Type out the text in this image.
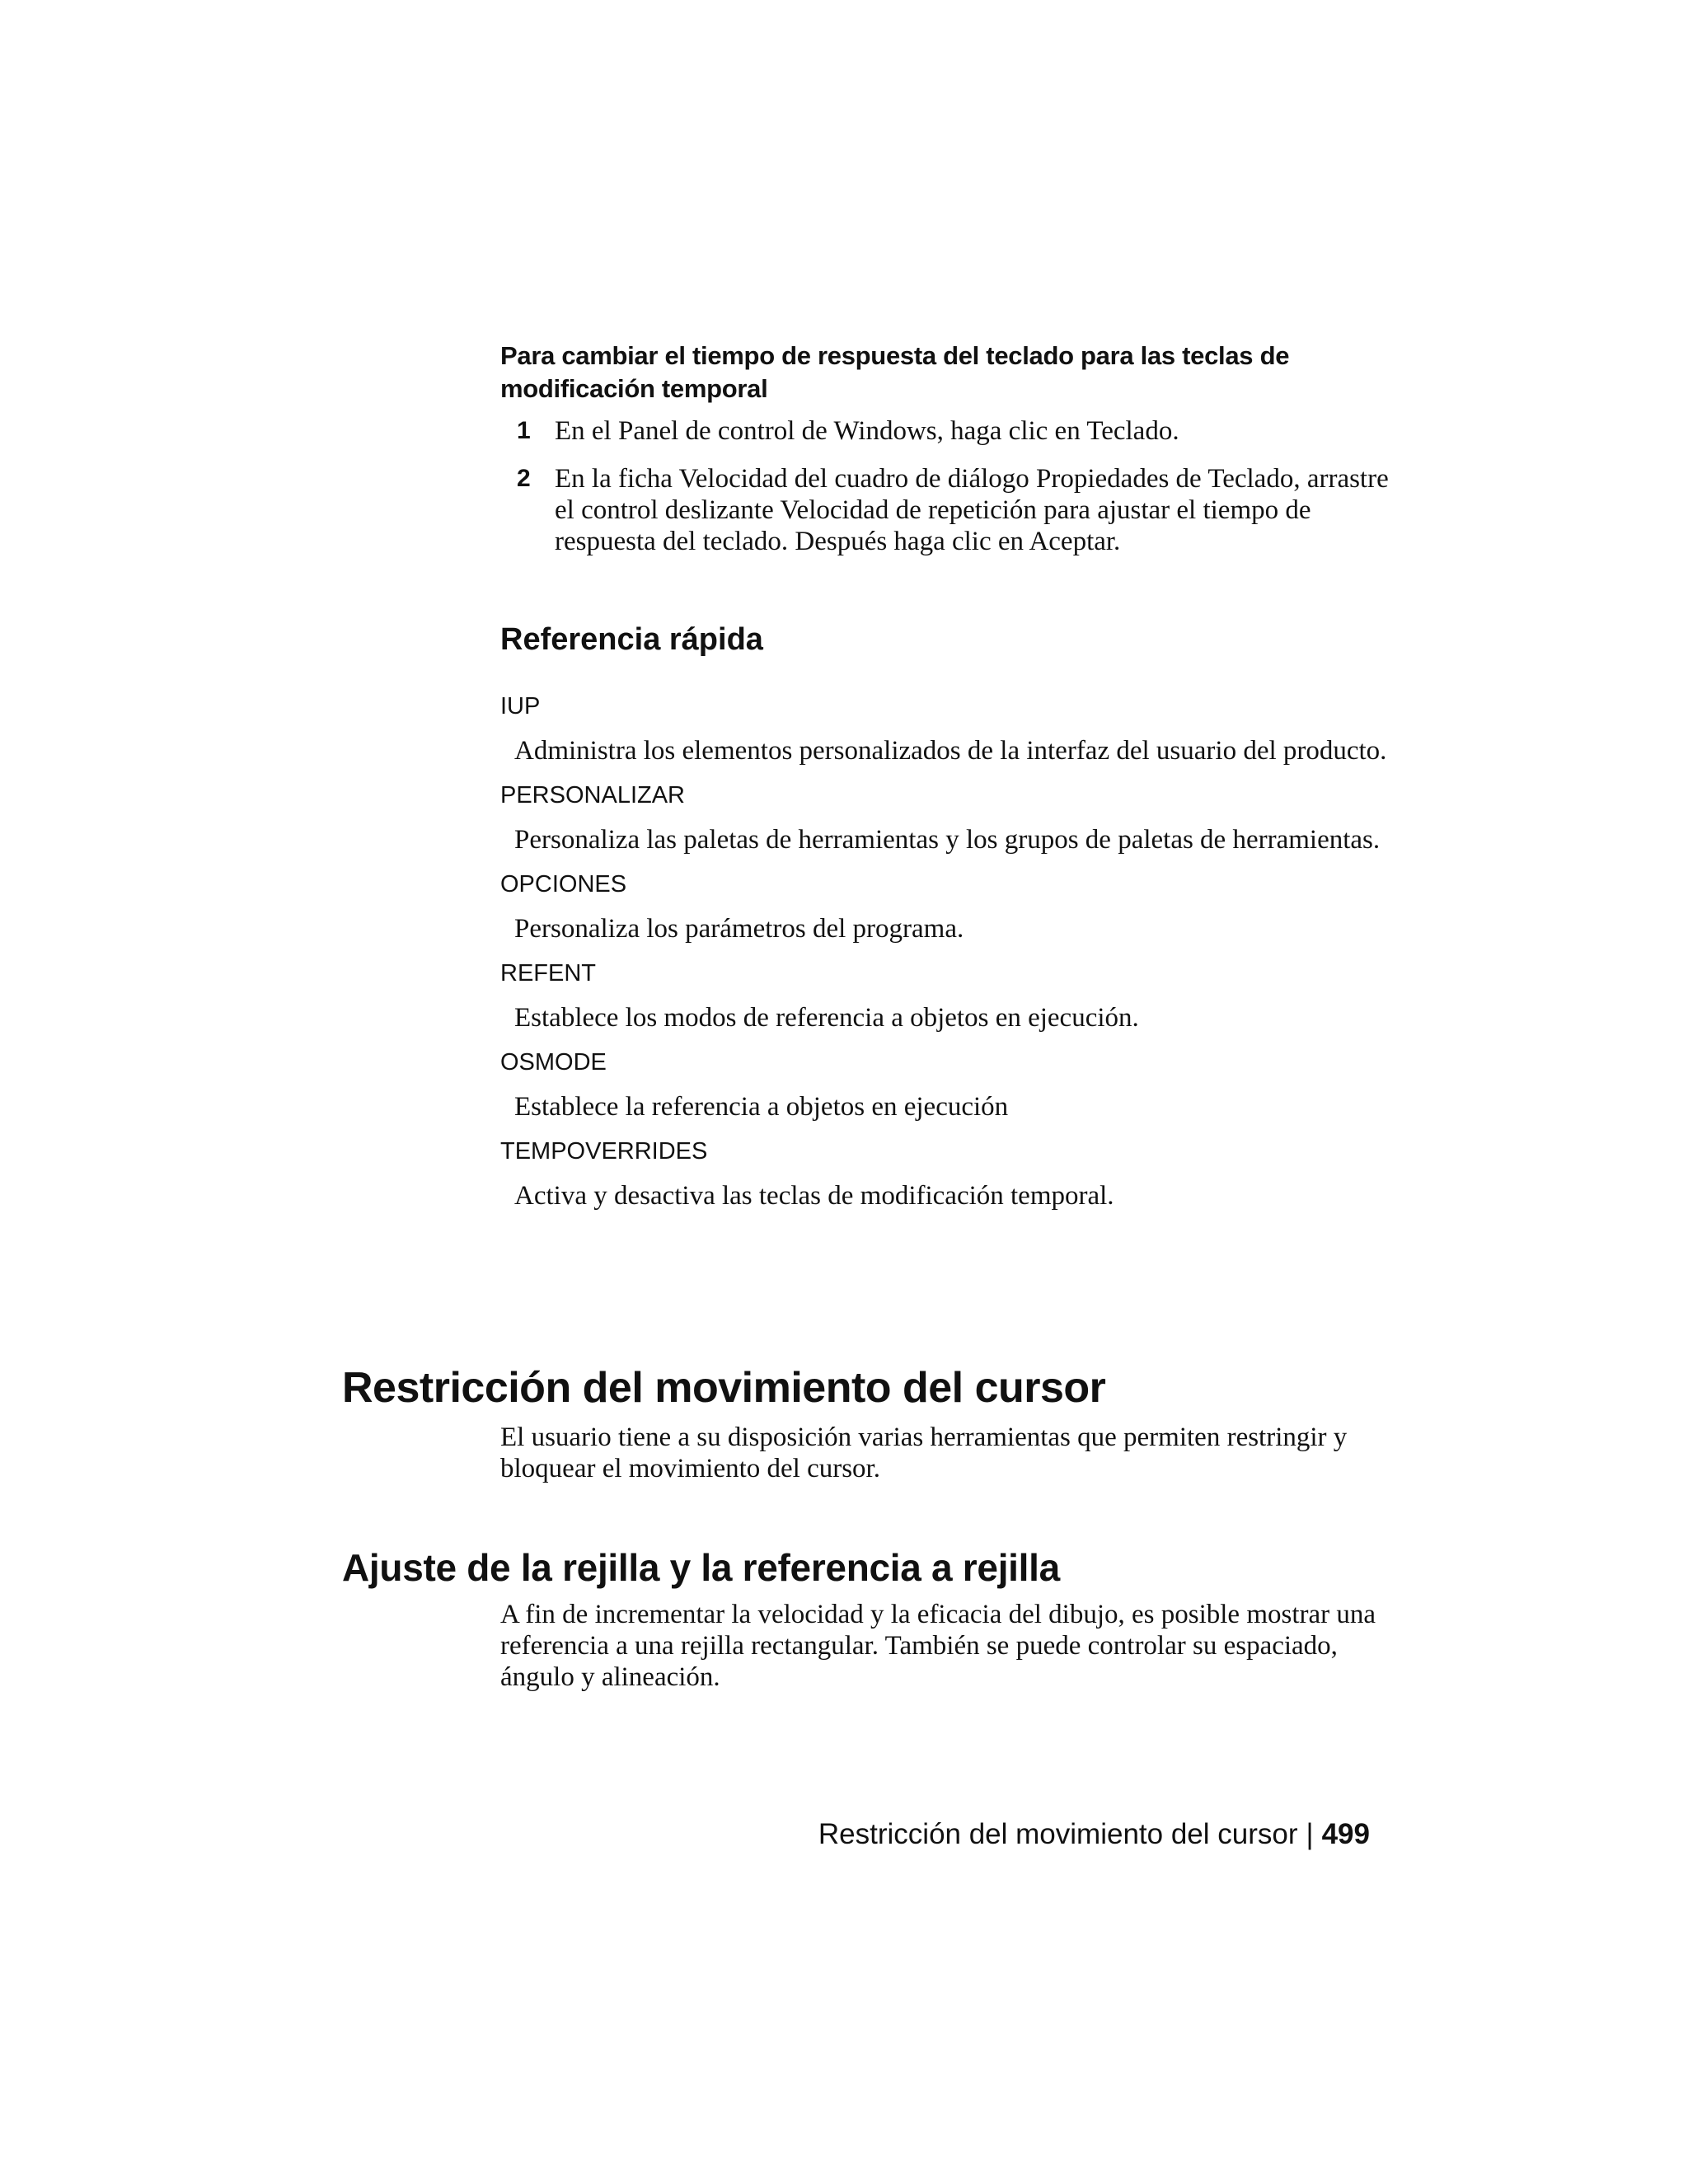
Para cambiar el tiempo de respuesta del teclado para las teclas de modificación temporal
1 En el Panel de control de Windows, haga clic en Teclado.
2 En la ficha Velocidad del cuadro de diálogo Propiedades de Teclado, arrastre el control deslizante Velocidad de repetición para ajustar el tiempo de respuesta del teclado. Después haga clic en Aceptar.
Referencia rápida
IUP
Administra los elementos personalizados de la interfaz del usuario del producto.
PERSONALIZAR
Personaliza las paletas de herramientas y los grupos de paletas de herramientas.
OPCIONES
Personaliza los parámetros del programa.
REFENT
Establece los modos de referencia a objetos en ejecución.
OSMODE
Establece la referencia a objetos en ejecución
TEMPOVERRIDES
Activa y desactiva las teclas de modificación temporal.
Restricción del movimiento del cursor
El usuario tiene a su disposición varias herramientas que permiten restringir y bloquear el movimiento del cursor.
Ajuste de la rejilla y la referencia a rejilla
A fin de incrementar la velocidad y la eficacia del dibujo, es posible mostrar una referencia a una rejilla rectangular. También se puede controlar su espaciado, ángulo y alineación.
Restricción del movimiento del cursor | 499
